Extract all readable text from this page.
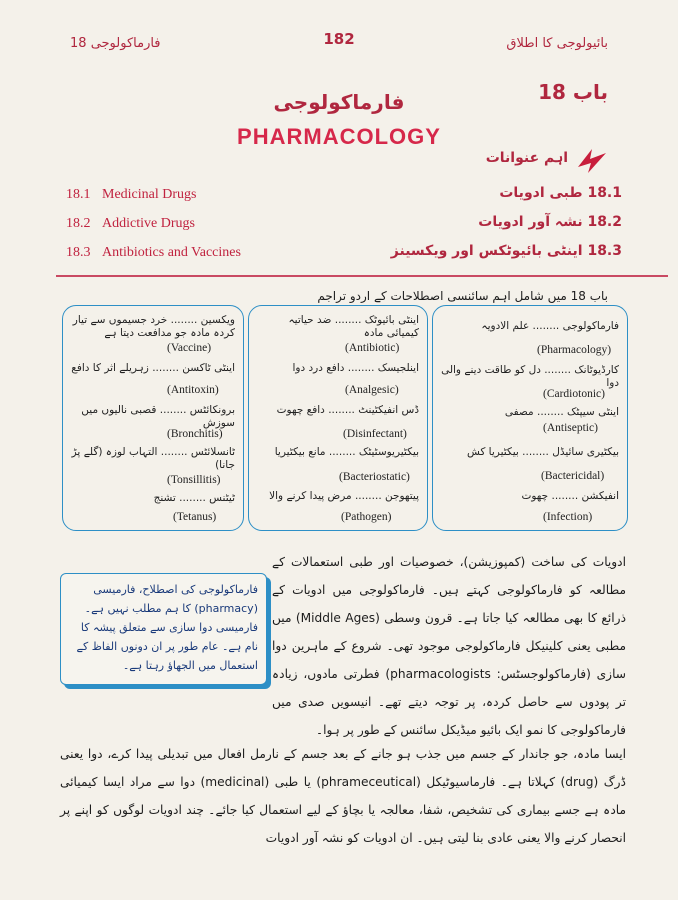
18 فارماکولوجی	182	بائیولوجی کا اطلاق
باب 18
فارماکولوجی
PHARMACOLOGY
اہم عنوانات
18.1 Medicinal Drugs
18.2 Addictive Drugs
18.3 Antibiotics and Vaccines
18.1 طبی ادویات
18.2 نشہ آور ادویات
18.3 اینٹی بائیوٹکس اور ویکسینز
باب 18 میں شامل اہم سائنسی اصطلاحات کے اردو تراجم
ویکسین ........ خرد جسیموں سے تیار کردہ مادہ جو مدافعت دیتا ہے
(Vaccine)
اینٹی ٹاکسن ........ زہریلے اثر کا دافع
(Antitoxin)
برونکائٹس ........ قصبی نالیوں میں سوزش
(Bronchitis)
ٹانسلائٹس ........ التہاب لوزہ (گلے پڑ جانا)
(Tonsillitis)
ٹیٹنس ........ تشنج
(Tetanus)
اینٹی بائیوٹک ........ ضد حیاتیہ کیمیائی مادہ
(Antibiotic)
اینلجیسک ........ دافع درد دوا
(Analgesic)
ڈس انفیکٹینٹ ........ دافع چھوت
(Disinfectant)
بیکٹیریوسٹیٹک ........ مانع بیکٹیریا
(Bacteriostatic)
پیتھوجن ........ مرض پیدا کرنے والا
(Pathogen)
فارماکولوجی ........ علم الادویہ
(Pharmacology)
کارڈیوٹانک ........ دل کو طاقت دینے والی دوا
(Cardiotonic)
اینٹی سیپٹک ........ مصفی
(Antiseptic)
بیکٹیری سائیڈل ........ بیکٹیریا کش
(Bactericidal)
انفیکشن ........ چھوت
(Infection)
فارماکولوجی کی اصطلاح، فارمیسی (pharmacy) کا ہم مطلب نہیں ہے۔ فارمیسی دوا سازی سے متعلق پیشہ کا نام ہے۔ عام طور پر ان دونوں الفاظ کے استعمال میں الجھاؤ رہتا ہے۔
ادویات کی ساخت (کمپوزیشن)، خصوصیات اور طبی استعمالات کے مطالعہ کو فارماکولوجی کہتے ہیں۔ فارماکولوجی میں ادویات کے ذرائع کا بھی مطالعہ کیا جاتا ہے۔ قرون وسطی (Middle Ages) میں مطبی یعنی کلینیکل فارماکولوجی موجود تھی۔ شروع کے ماہرین دوا سازی (فارماکولوجسٹس: pharmacologists) فطرتی مادوں، زیادہ تر پودوں سے حاصل کردہ، پر توجہ دیتے تھے۔ انیسویں صدی میں فارماکولوجی کا نمو ایک بائیو میڈیکل سائنس کے طور پر ہوا۔
ایسا مادہ، جو جاندار کے جسم میں جذب ہو جانے کے بعد جسم کے نارمل افعال میں تبدیلی پیدا کرے، دوا یعنی ڈرگ (drug) کہلاتا ہے۔ فارماسیوٹیکل (phrameceutical) یا طبی (medicinal) دوا سے مراد ایسا کیمیائی مادہ ہے جسے بیماری کی تشخیص، شفا، معالجہ یا بچاؤ کے لیے استعمال کیا جائے۔ چند ادویات لوگوں کو اپنے پر انحصار کرنے والا یعنی عادی بنا لیتی ہیں۔ ان ادویات کو نشہ آور ادویات
